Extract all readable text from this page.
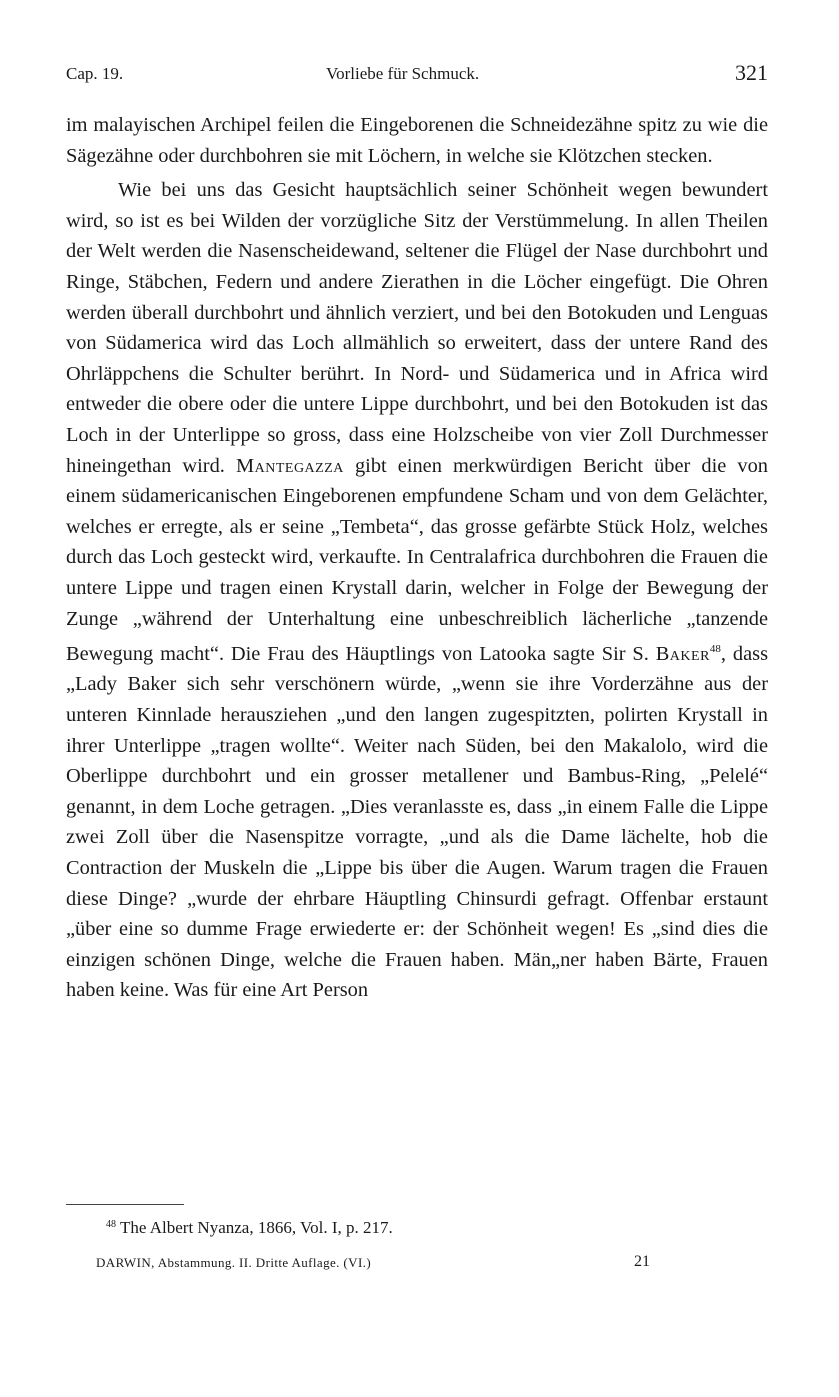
Cap. 19.	Vorliebe für Schmuck.	321

im malayischen Archipel feilen die Eingeborenen die Schneidezähne spitz zu wie die Sägezähne oder durchbohren sie mit Löchern, in welche sie Klötzchen stecken.

Wie bei uns das Gesicht hauptsächlich seiner Schönheit wegen bewundert wird, so ist es bei Wilden der vorzügliche Sitz der Verstümmelung. In allen Theilen der Welt werden die Nasenscheidewand, seltener die Flügel der Nase durchbohrt und Ringe, Stäbchen, Federn und andere Zierathen in die Löcher eingefügt. Die Ohren werden überall durchbohrt und ähnlich verziert, und bei den Botokuden und Lenguas von Südamerica wird das Loch allmählich so erweitert, dass der untere Rand des Ohrläppchens die Schulter berührt. In Nord- und Südamerica und in Africa wird entweder die obere oder die untere Lippe durchbohrt, und bei den Botokuden ist das Loch in der Unterlippe so gross, dass eine Holzscheibe von vier Zoll Durchmesser hineingethan wird. Mantegazza gibt einen merkwürdigen Bericht über die von einem südamericanischen Eingeborenen empfundene Scham und von dem Gelächter, welches er erregte, als er seine „Tembeta“, das grosse gefärbte Stück Holz, welches durch das Loch gesteckt wird, verkaufte. In Centralafrica durchbohren die Frauen die untere Lippe und tragen einen Krystall darin, welcher in Folge der Bewegung der Zunge „während der Unterhaltung eine unbeschreiblich lächerliche „tanzende Bewegung macht“. Die Frau des Häuptlings von Latooka sagte Sir S. Baker$^{48}$, dass „Lady Baker sich sehr verschönern würde, „wenn sie ihre Vorderzähne aus der unteren Kinnlade herausziehen „und den langen zugespitzten, polirten Krystall in ihrer Unterlippe „tragen wollte“. Weiter nach Süden, bei den Makalolo, wird die Oberlippe durchbohrt und ein grosser metallener und Bambus-Ring, „Pelelé“ genannt, in dem Loche getragen. „Dies veranlasste es, dass „in einem Falle die Lippe zwei Zoll über die Nasenspitze vorragte, „und als die Dame lächelte, hob die Contraction der Muskeln die „Lippe bis über die Augen. Warum tragen die Frauen diese Dinge? „wurde der ehrbare Häuptling Chinsurdi gefragt. Offenbar erstaunt „über eine so dumme Frage erwiederte er: der Schönheit wegen! Es „sind dies die einzigen schönen Dinge, welche die Frauen haben. Män„ner haben Bärte, Frauen haben keine. Was für eine Art Person

$^{48}$ The Albert Nyanza, 1866, Vol. I, p. 217.
DARWIN, Abstammung. II. Dritte Auflage. (VI.)	21
